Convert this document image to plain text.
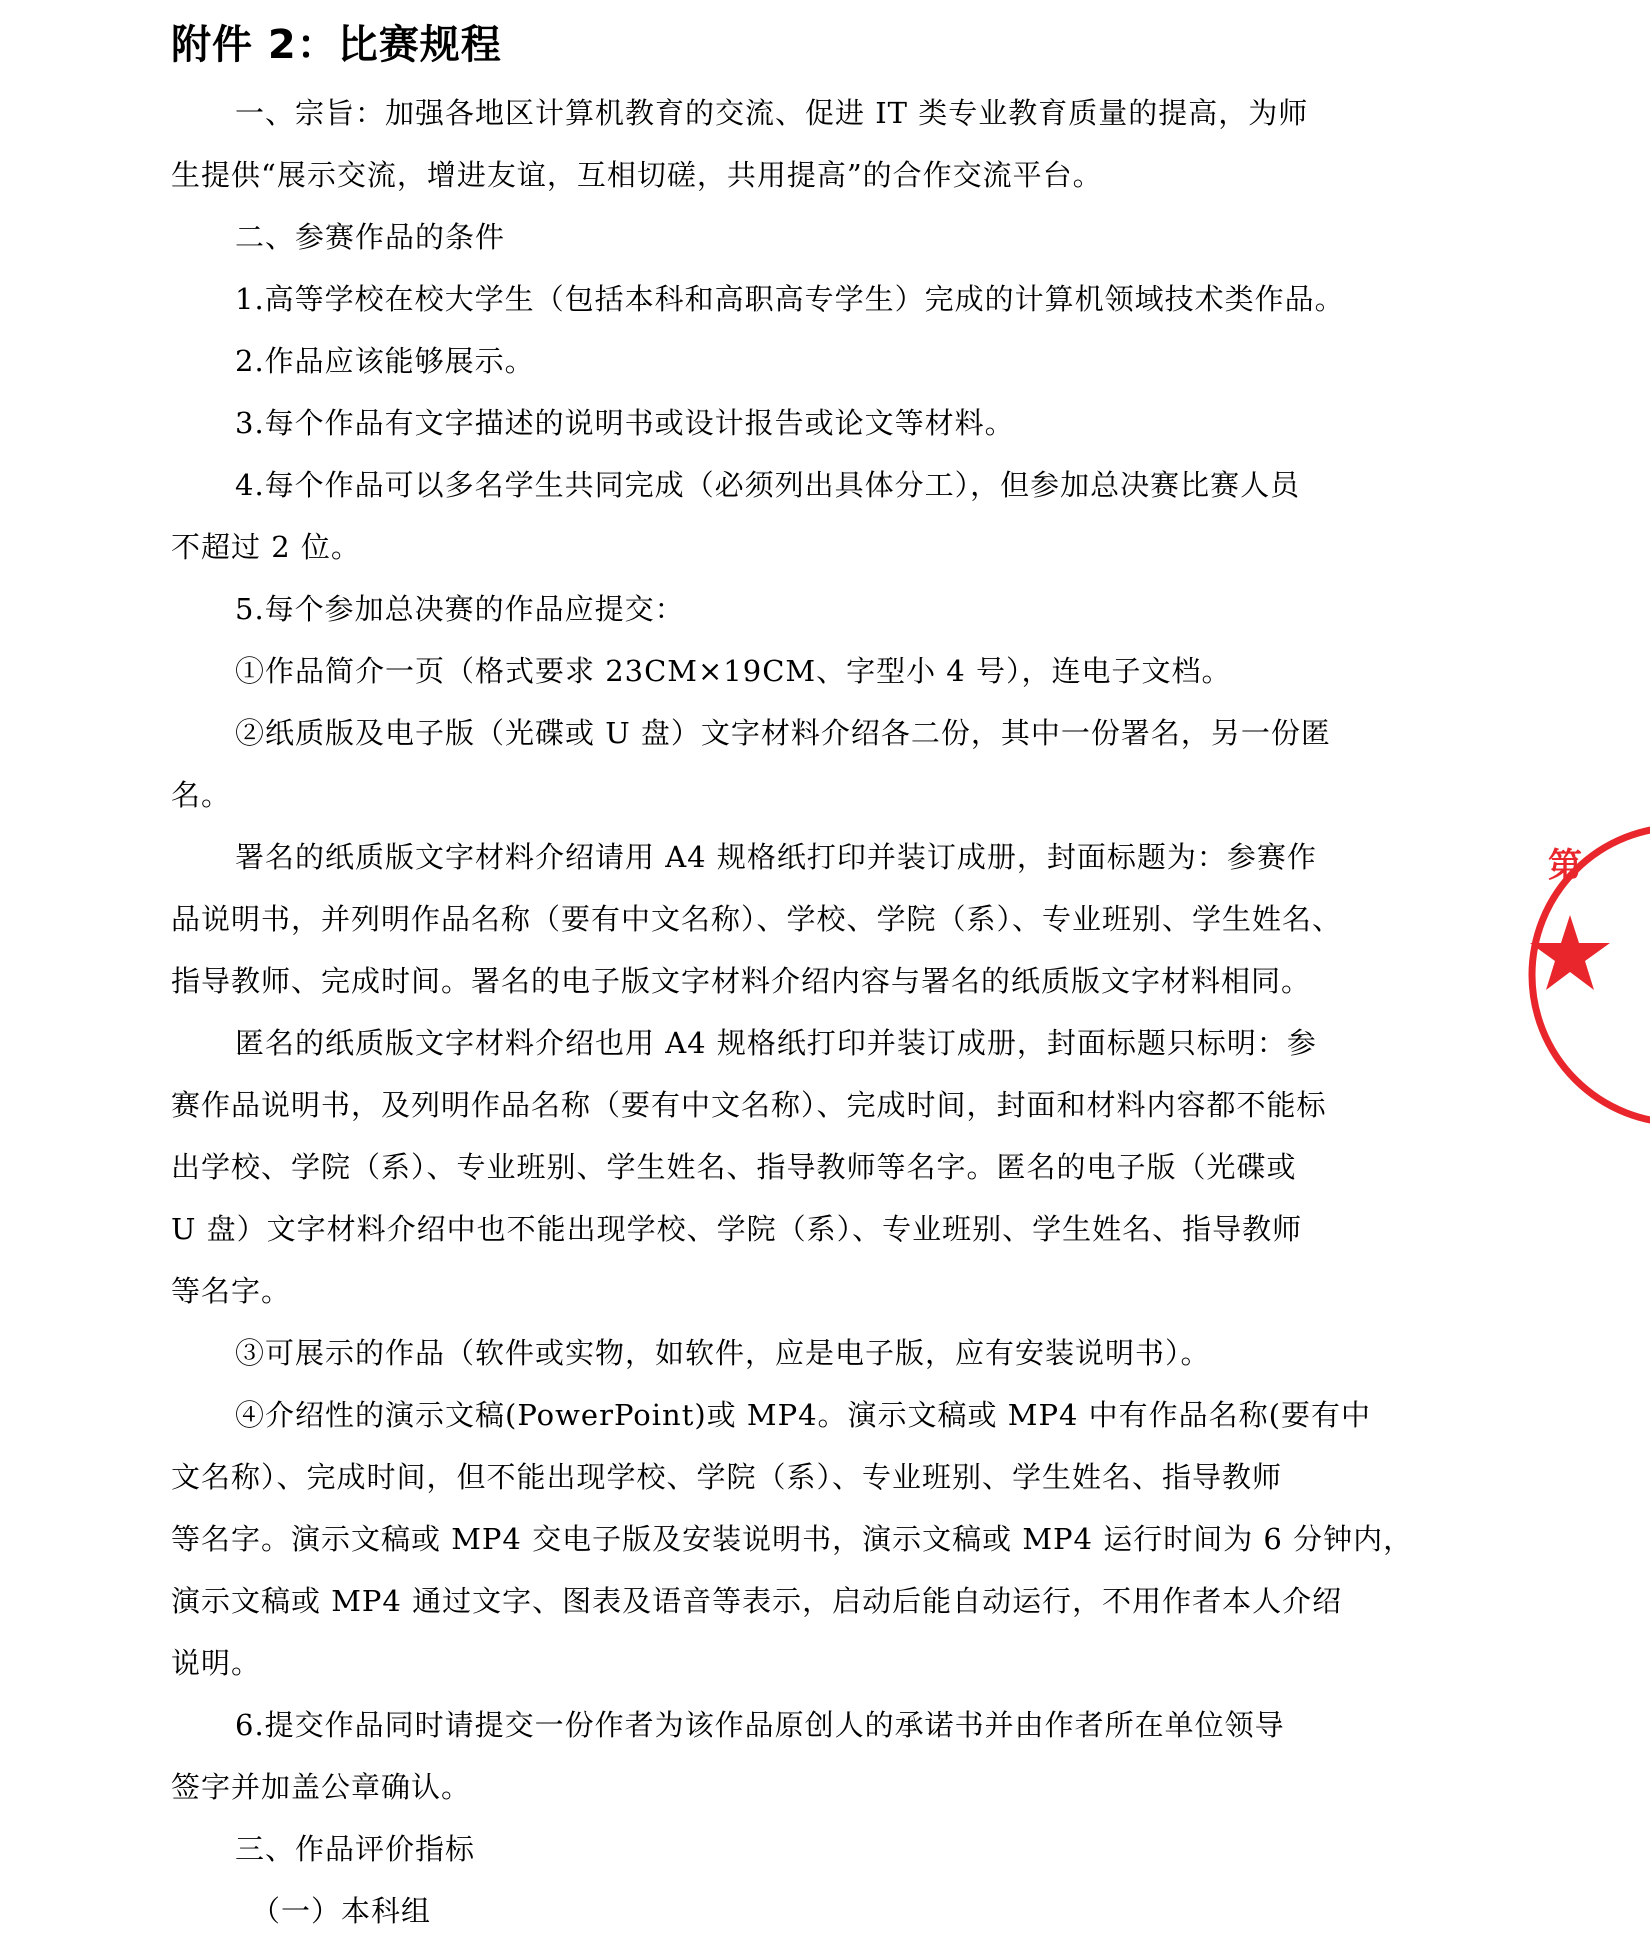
附件 2：比赛规程
一、宗旨：加强各地区计算机教育的交流、促进 IT 类专业教育质量的提高，为师
生提供“展示交流，增进友谊，互相切磋，共用提高”的合作交流平台。
二、参赛作品的条件
1.高等学校在校大学生（包括本科和高职高专学生）完成的计算机领域技术类作品。
2.作品应该能够展示。
3.每个作品有文字描述的说明书或设计报告或论文等材料。
4.每个作品可以多名学生共同完成（必须列出具体分工），但参加总决赛比赛人员
不超过 2 位。
5.每个参加总决赛的作品应提交：
①作品简介一页（格式要求 23CM×19CM、字型小 4 号），连电子文档。
②纸质版及电子版（光碟或 U 盘）文字材料介绍各二份，其中一份署名，另一份匿
名。
署名的纸质版文字材料介绍请用 A4 规格纸打印并装订成册，封面标题为：参赛作
品说明书，并列明作品名称（要有中文名称）、学校、学院（系）、专业班别、学生姓名、
指导教师、完成时间。署名的电子版文字材料介绍内容与署名的纸质版文字材料相同。
匿名的纸质版文字材料介绍也用 A4 规格纸打印并装订成册，封面标题只标明：参
赛作品说明书，及列明作品名称（要有中文名称）、完成时间，封面和材料内容都不能标
出学校、学院（系）、专业班别、学生姓名、指导教师等名字。匿名的电子版（光碟或
U 盘）文字材料介绍中也不能出现学校、学院（系）、专业班别、学生姓名、指导教师
等名字。
③可展示的作品（软件或实物，如软件，应是电子版，应有安装说明书）。
④介绍性的演示文稿(PowerPoint)或 MP4。演示文稿或 MP4 中有作品名称(要有中
文名称）、完成时间，但不能出现学校、学院（系）、专业班别、学生姓名、指导教师
等名字。演示文稿或 MP4 交电子版及安装说明书，演示文稿或 MP4 运行时间为 6 分钟内，
演示文稿或 MP4 通过文字、图表及语音等表示，启动后能自动运行，不用作者本人介绍
说明。
6.提交作品同时请提交一份作者为该作品原创人的承诺书并由作者所在单位领导
签字并加盖公章确认。
三、作品评价指标
（一）本科组
第
